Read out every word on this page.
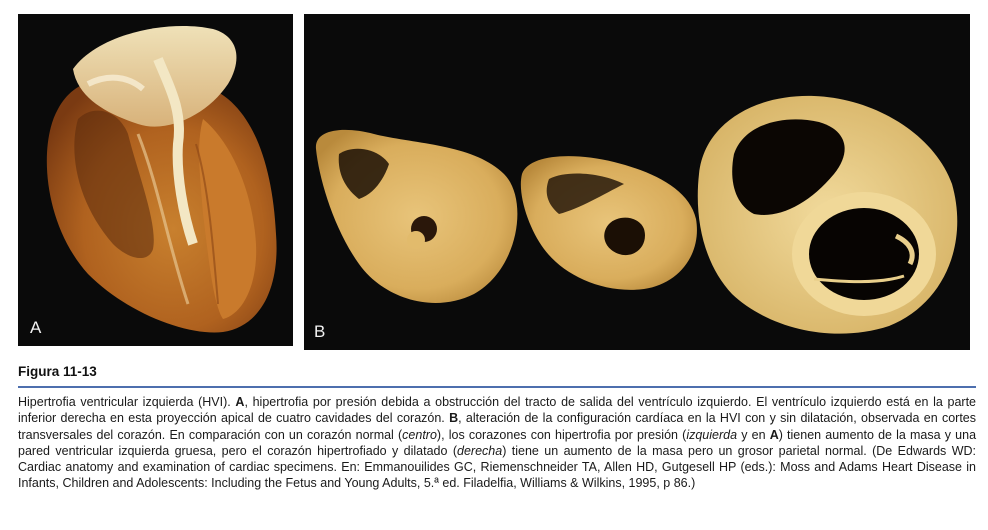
A	B
Figura 11-13

Hipertrofia ventricular izquierda (HVI). A, hipertrofia por presión debida a obstrucción del tracto de salida del ventrículo izquierdo. El ventrículo izquierdo está en la parte inferior derecha en esta proyección apical de cuatro cavidades del corazón. B, alteración de la configuración cardíaca en la HVI con y sin dilatación, observada en cortes transversales del corazón. En comparación con un corazón normal (centro), los corazones con hipertrofia por presión (izquierda y en A) tienen aumento de la masa y una pared ventricular izquierda gruesa, pero el corazón hipertrofiado y dilatado (derecha) tiene un aumento de la masa pero un grosor parietal normal. (De Edwards WD: Cardiac anatomy and examination of cardiac specimens. En: Emmanouilides GC, Riemenschneider TA, Allen HD, Gutgesell HP (eds.): Moss and Adams Heart Disease in Infants, Children and Adolescents: Including the Fetus and Young Adults, 5.ª ed. Filadelfia, Williams & Wilkins, 1995, p 86.)
